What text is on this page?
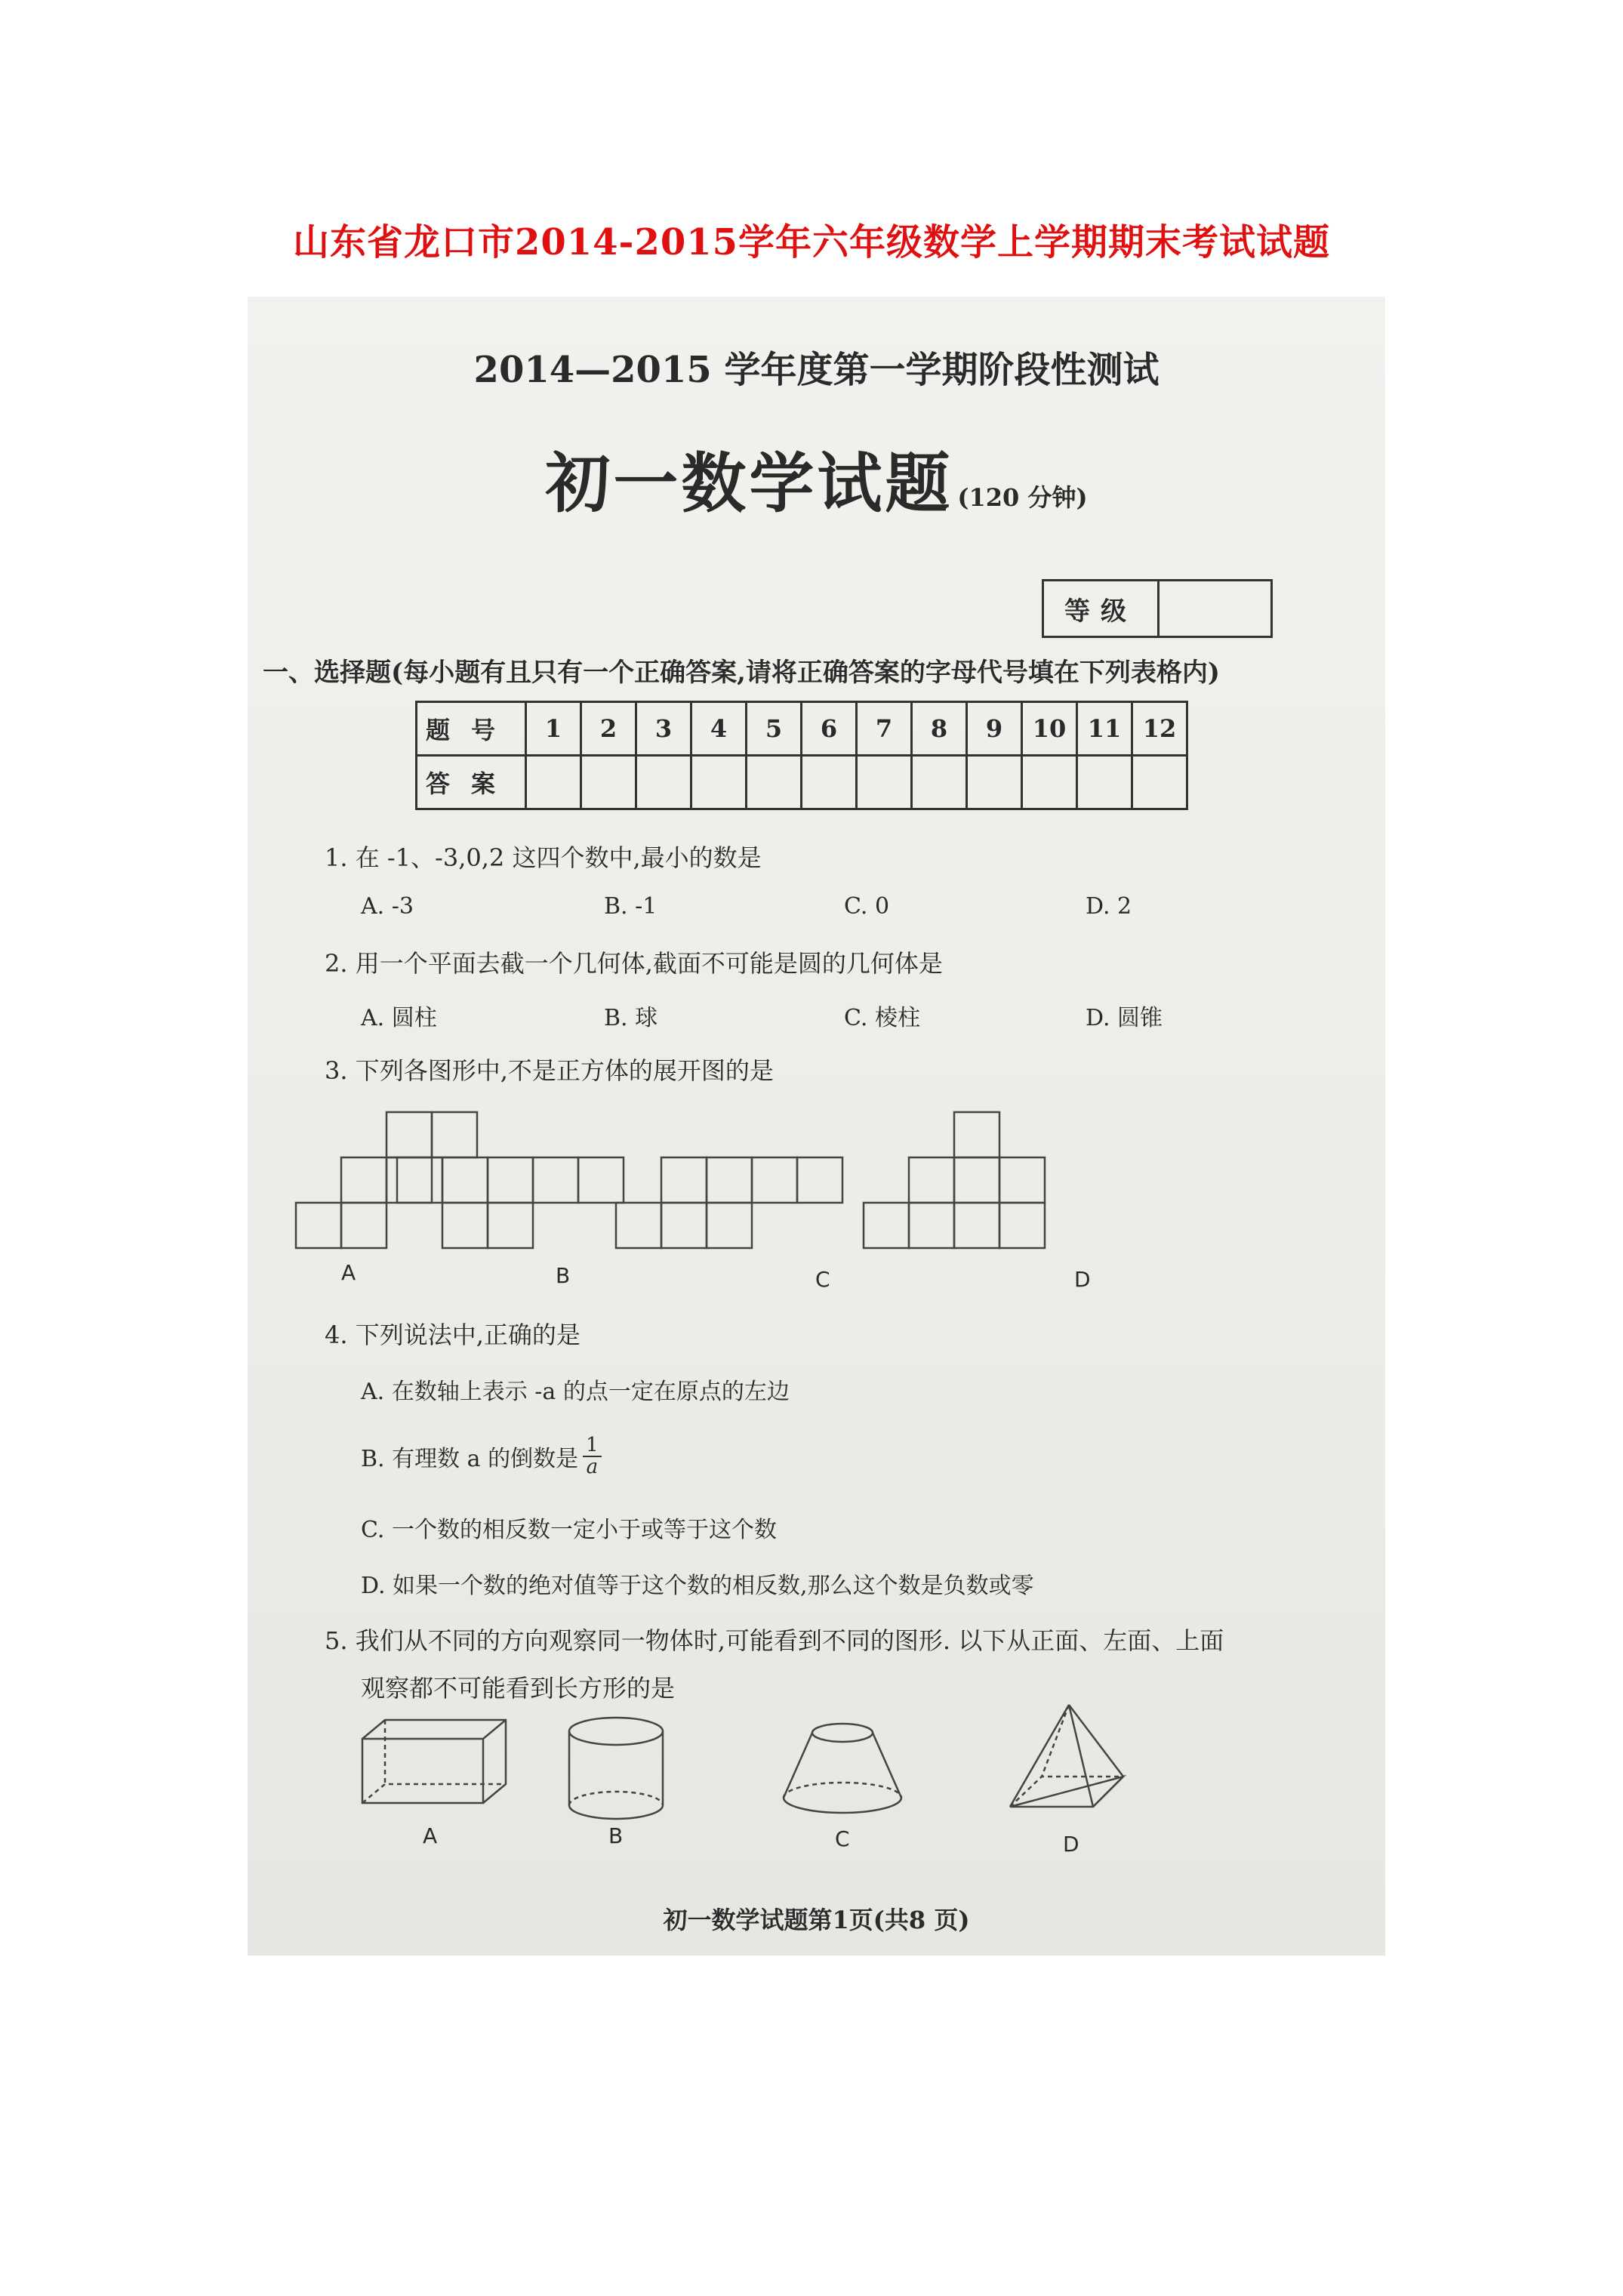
山东省龙口市2014-2015学年六年级数学上学期期末考试试题
2014—2015 学年度第一学期阶段性测试
初一数学试题 (120 分钟)
等级
一、选择题(每小题有且只有一个正确答案,请将正确答案的字母代号填在下列表格内)
题号	1	2	3	4	5	6	7	8	9	10	11	12
答案												
1. 在 -1、-3,0,2 这四个数中,最小的数是
A. -3	B. -1	C. 0	D. 2
2. 用一个平面去截一个几何体,截面不可能是圆的几何体是
A. 圆柱	B. 球	C. 棱柱	D. 圆锥
3. 下列各图形中,不是正方体的展开图的是
A	B	C	D
4. 下列说法中,正确的是
A. 在数轴上表示 -a 的点一定在原点的左边
B. 有理数 a 的倒数是 $\frac{1}{a}$
C. 一个数的相反数一定小于或等于这个数
D. 如果一个数的绝对值等于这个数的相反数,那么这个数是负数或零
5. 我们从不同的方向观察同一物体时,可能看到不同的图形. 以下从正面、左面、上面
观察都不可能看到长方形的是
A	B	C	D
初一数学试题第1页(共8 页)
